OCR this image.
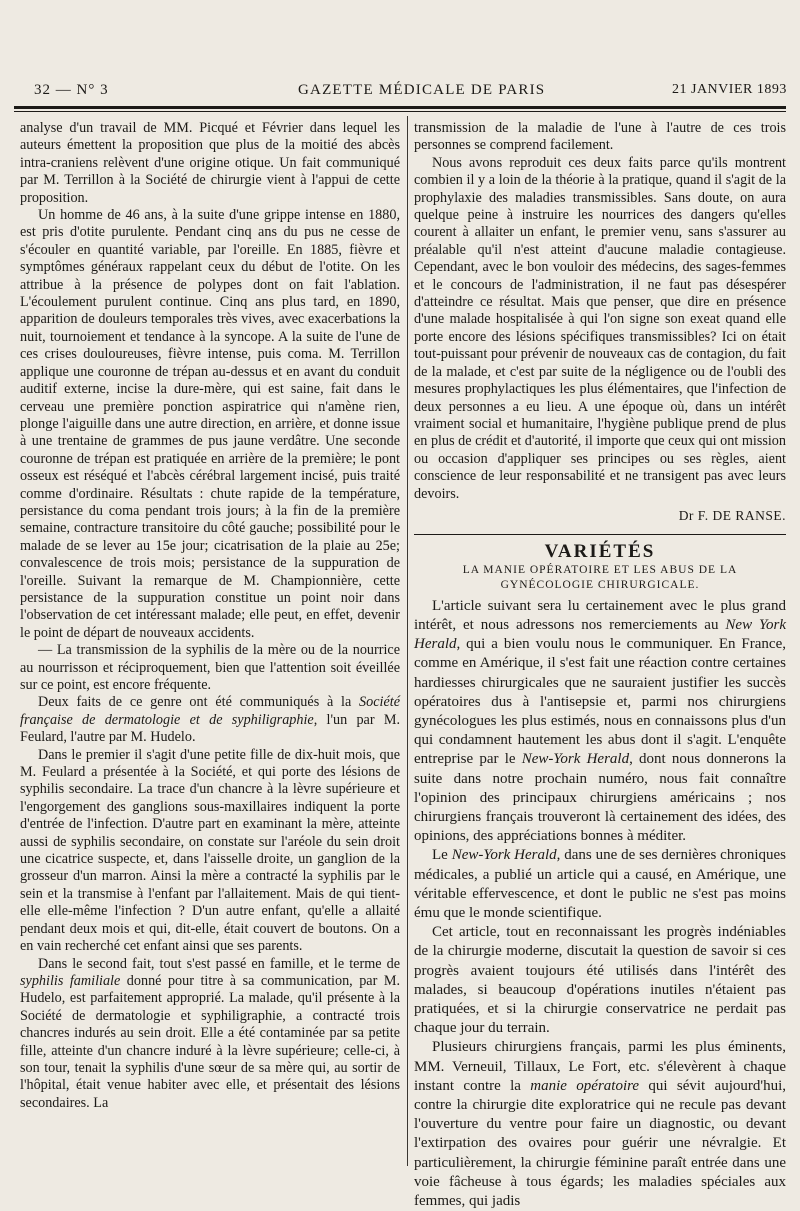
32 — N° 3	GAZETTE MÉDICALE DE PARIS	21 JANVIER 1893

analyse d'un travail de MM. Picqué et Février dans lequel les auteurs émettent la proposition que plus de la moitié des abcès intra-craniens relèvent d'une origine otique. Un fait communiqué par M. Terrillon à la Société de chirurgie vient à l'appui de cette proposition.

Un homme de 46 ans, à la suite d'une grippe intense en 1880, est pris d'otite purulente. Pendant cinq ans du pus ne cesse de s'écouler en quantité variable, par l'oreille. En 1885, fièvre et symptômes généraux rappelant ceux du début de l'otite. On les attribue à la présence de polypes dont on fait l'ablation. L'écoulement purulent continue. Cinq ans plus tard, en 1890, apparition de douleurs temporales très vives, avec exacerbations la nuit, tournoiement et tendance à la syncope. A la suite de l'une de ces crises douloureuses, fièvre intense, puis coma. M. Terrillon applique une couronne de trépan au-dessus et en avant du conduit auditif externe, incise la dure-mère, qui est saine, fait dans le cerveau une première ponction aspiratrice qui n'amène rien, plonge l'aiguille dans une autre direction, en arrière, et donne issue à une trentaine de grammes de pus jaune verdâtre. Une seconde couronne de trépan est pratiquée en arrière de la première; le pont osseux est réséqué et l'abcès cérébral largement incisé, puis traité comme d'ordinaire. Résultats : chute rapide de la température, persistance du coma pendant trois jours; à la fin de la première semaine, contracture transitoire du côté gauche; possibilité pour le malade de se lever au 15e jour; cicatrisation de la plaie au 25e; convalescence de trois mois; persistance de la suppuration de l'oreille. Suivant la remarque de M. Championnière, cette persistance de la suppuration constitue un point noir dans l'observation de cet intéressant malade; elle peut, en effet, devenir le point de départ de nouveaux accidents.

— La transmission de la syphilis de la mère ou de la nourrice au nourrisson et réciproquement, bien que l'attention soit éveillée sur ce point, est encore fréquente.

Deux faits de ce genre ont été communiqués à la Société française de dermatologie et de syphiligraphie, l'un par M. Feulard, l'autre par M. Hudelo.

Dans le premier il s'agit d'une petite fille de dix-huit mois, que M. Feulard a présentée à la Société, et qui porte des lésions de syphilis secondaire. La trace d'un chancre à la lèvre supérieure et l'engorgement des ganglions sous-maxillaires indiquent la porte d'entrée de l'infection. D'autre part en examinant la mère, atteinte aussi de syphilis secondaire, on constate sur l'aréole du sein droit une cicatrice suspecte, et, dans l'aisselle droite, un ganglion de la grosseur d'un marron. Ainsi la mère a contracté la syphilis par le sein et la transmise à l'enfant par l'allaitement. Mais de qui tient-elle elle-même l'infection ? D'un autre enfant, qu'elle a allaité pendant deux mois et qui, dit-elle, était couvert de boutons. On a en vain recherché cet enfant ainsi que ses parents.

Dans le second fait, tout s'est passé en famille, et le terme de syphilis familiale donné pour titre à sa communication, par M. Hudelo, est parfaitement approprié. La malade, qu'il présente à la Société de dermatologie et syphiligraphie, a contracté trois chancres indurés au sein droit. Elle a été contaminée par sa petite fille, atteinte d'un chancre induré à la lèvre supérieure; celle-ci, à son tour, tenait la syphilis d'une sœur de sa mère qui, au sortir de l'hôpital, était venue habiter avec elle, et présentait des lésions secondaires. La

transmission de la maladie de l'une à l'autre de ces trois personnes se comprend facilement.

Nous avons reproduit ces deux faits parce qu'ils montrent combien il y a loin de la théorie à la pratique, quand il s'agit de la prophylaxie des maladies transmissibles. Sans doute, on aura quelque peine à instruire les nourrices des dangers qu'elles courent à allaiter un enfant, le premier venu, sans s'assurer au préalable qu'il n'est atteint d'aucune maladie contagieuse. Cependant, avec le bon vouloir des médecins, des sages-femmes et le concours de l'administration, il ne faut pas désespérer d'atteindre ce résultat. Mais que penser, que dire en présence d'une malade hospitalisée à qui l'on signe son exeat quand elle porte encore des lésions spécifiques transmissibles? Ici on était tout-puissant pour prévenir de nouveaux cas de contagion, du fait de la malade, et c'est par suite de la négligence ou de l'oubli des mesures prophylactiques les plus élémentaires, que l'infection de deux personnes a eu lieu. A une époque où, dans un intérêt vraiment social et humanitaire, l'hygiène publique prend de plus en plus de crédit et d'autorité, il importe que ceux qui ont mission ou occasion d'appliquer ses principes ou ses règles, aient conscience de leur responsabilité et ne transigent pas avec leurs devoirs.

Dr F. DE RANSE.
VARIÉTÉS
LA MANIE OPÉRATOIRE ET LES ABUS DE LA
GYNÉCOLOGIE CHIRURGICALE.

L'article suivant sera lu certainement avec le plus grand intérêt, et nous adressons nos remerciements au New York Herald, qui a bien voulu nous le communiquer. En France, comme en Amérique, il s'est fait une réaction contre certaines hardiesses chirurgicales que ne sauraient justifier les succès opératoires dus à l'antisepsie et, parmi nos chirurgiens gynécologues les plus estimés, nous en connaissons plus d'un qui condamnent hautement les abus dont il s'agit. L'enquête entreprise par le New-York Herald, dont nous donnerons la suite dans notre prochain numéro, nous fait connaître l'opinion des principaux chirurgiens américains ; nos chirurgiens français trouveront là certainement des idées, des opinions, des appréciations bonnes à méditer.

Le New-York Herald, dans une de ses dernières chroniques médicales, a publié un article qui a causé, en Amérique, une véritable effervescence, et dont le public ne s'est pas moins ému que le monde scientifique.

Cet article, tout en reconnaissant les progrès indéniables de la chirurgie moderne, discutait la question de savoir si ces progrès avaient toujours été utilisés dans l'intérêt des malades, si beaucoup d'opérations inutiles n'étaient pas pratiquées, et si la chirurgie conservatrice ne perdait pas chaque jour du terrain.

Plusieurs chirurgiens français, parmi les plus éminents, MM. Verneuil, Tillaux, Le Fort, etc. s'élevèrent à chaque instant contre la manie opératoire qui sévit aujourd'hui, contre la chirurgie dite exploratrice qui ne recule pas devant l'ouverture du ventre pour faire un diagnostic, ou devant l'extirpation des ovaires pour guérir une névralgie. Et particulièrement, la chirurgie féminine paraît entrée dans une voie fâcheuse à tous égards; les maladies spéciales aux femmes, qui jadis
